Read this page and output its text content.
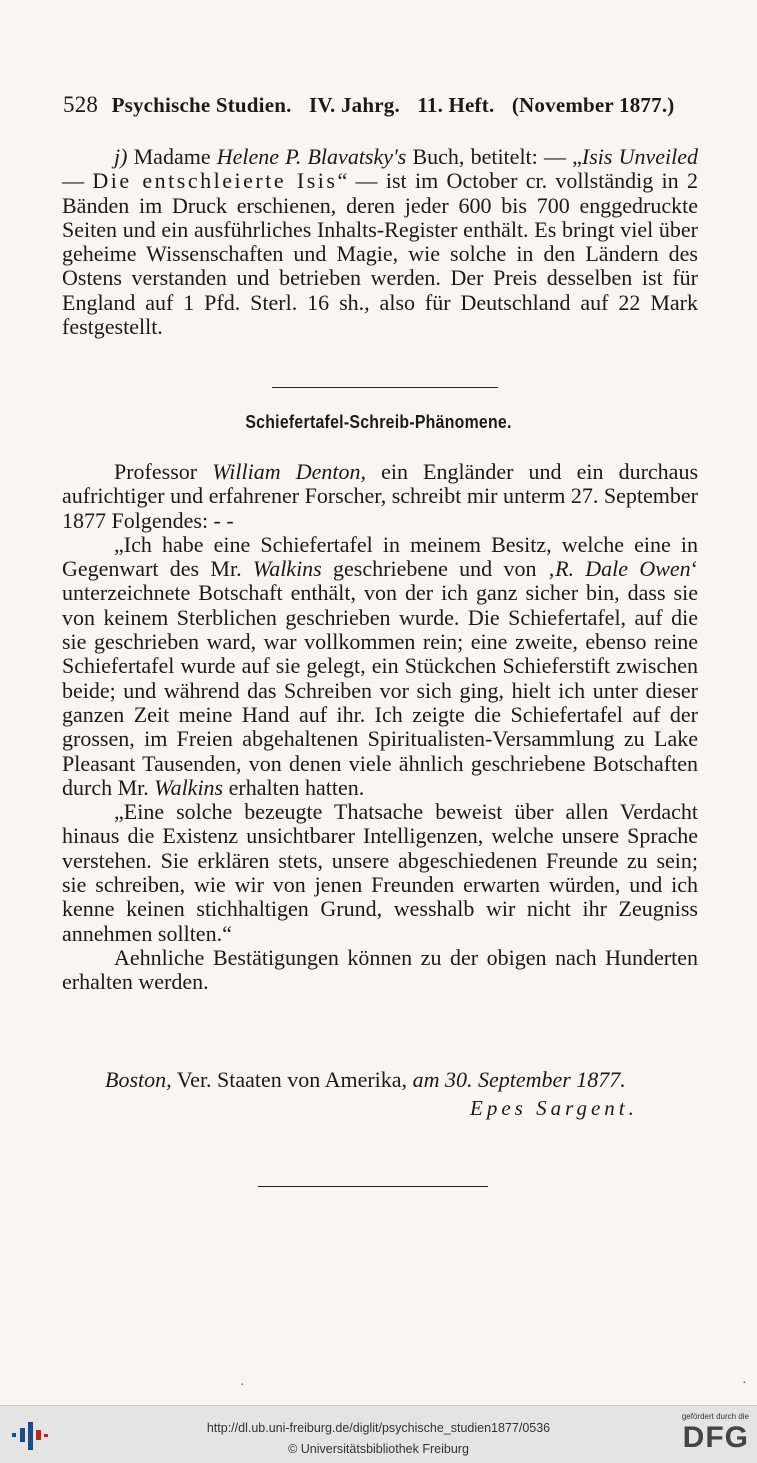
528 Psychische Studien. IV. Jahrg. 11. Heft. (November 1877.)

j) Madame Helene P. Blavatsky's Buch, betitelt: — „Isis Unveiled — Die entschleierte Isis“ — ist im October cr. vollständig in 2 Bänden im Druck erschienen, deren jeder 600 bis 700 enggedruckte Seiten und ein ausführliches Inhalts-Register enthält. Es bringt viel über geheime Wissenschaften und Magie, wie solche in den Ländern des Ostens verstanden und betrieben werden. Der Preis desselben ist für England auf 1 Pfd. Sterl. 16 sh., also für Deutschland auf 22 Mark festgestellt.

Schiefertafel-Schreib-Phänomene.

Professor William Denton, ein Engländer und ein durchaus aufrichtiger und erfahrener Forscher, schreibt mir unterm 27. September 1877 Folgendes: - -

„Ich habe eine Schiefertafel in meinem Besitz, welche eine in Gegenwart des Mr. Walkins geschriebene und von ‚R. Dale Owen‘ unterzeichnete Botschaft enthält, von der ich ganz sicher bin, dass sie von keinem Sterblichen geschrieben wurde. Die Schiefertafel, auf die sie geschrieben ward, war vollkommen rein; eine zweite, ebenso reine Schiefertafel wurde auf sie gelegt, ein Stückchen Schieferstift zwischen beide; und während das Schreiben vor sich ging, hielt ich unter dieser ganzen Zeit meine Hand auf ihr. Ich zeigte die Schiefertafel auf der grossen, im Freien abgehaltenen Spiritualisten-Versammlung zu Lake Pleasant Tausenden, von denen viele ähnlich geschriebene Botschaften durch Mr. Walkins erhalten hatten.

„Eine solche bezeugte Thatsache beweist über allen Verdacht hinaus die Existenz unsichtbarer Intelligenzen, welche unsere Sprache verstehen. Sie erklären stets, unsere abgeschiedenen Freunde zu sein; sie schreiben, wie wir von jenen Freunden erwarten würden, und ich kenne keinen stichhaltigen Grund, wesshalb wir nicht ihr Zeugniss annehmen sollten.“

Aehnliche Bestätigungen können zu der obigen nach Hunderten erhalten werden.

Boston, Ver. Staaten von Amerika, am 30. September 1877.
Epes Sargent.
·	·
http://dl.ub.uni-freiburg.de/diglit/psychische_studien1877/0536
© Universitätsbibliothek Freiburg
gefördert durch die
DFG
